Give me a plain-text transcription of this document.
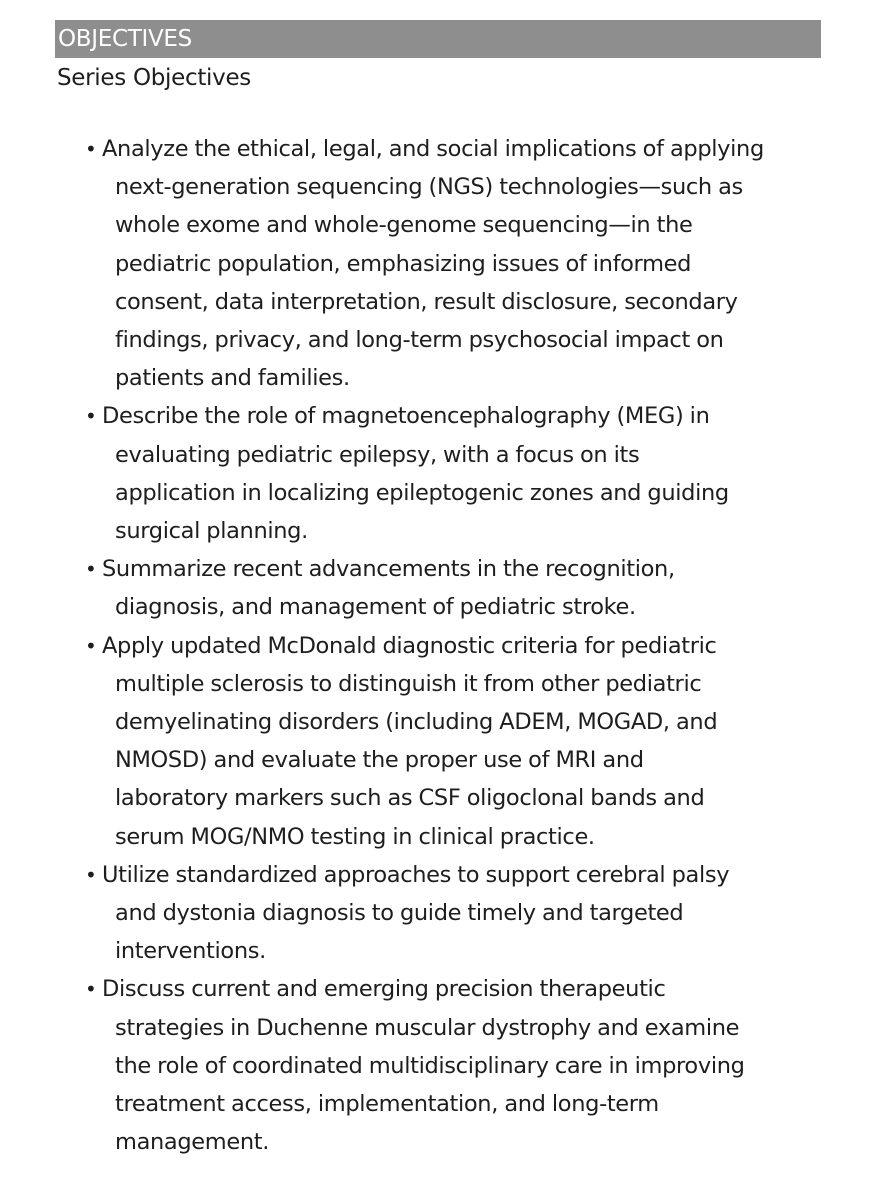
OBJECTIVES
Series Objectives
• Analyze the ethical, legal, and social implications of applying
next-generation sequencing (NGS) technologies—such as
whole exome and whole-genome sequencing—in the
pediatric population, emphasizing issues of informed
consent, data interpretation, result disclosure, secondary
findings, privacy, and long-term psychosocial impact on
patients and families.
• Describe the role of magnetoencephalography (MEG) in
evaluating pediatric epilepsy, with a focus on its
application in localizing epileptogenic zones and guiding
surgical planning.
• Summarize recent advancements in the recognition,
diagnosis, and management of pediatric stroke.
• Apply updated McDonald diagnostic criteria for pediatric
multiple sclerosis to distinguish it from other pediatric
demyelinating disorders (including ADEM, MOGAD, and
NMOSD) and evaluate the proper use of MRI and
laboratory markers such as CSF oligoclonal bands and
serum MOG/NMO testing in clinical practice.
• Utilize standardized approaches to support cerebral palsy
and dystonia diagnosis to guide timely and targeted
interventions.
• Discuss current and emerging precision therapeutic
strategies in Duchenne muscular dystrophy and examine
the role of coordinated multidisciplinary care in improving
treatment access, implementation, and long-term
management.
